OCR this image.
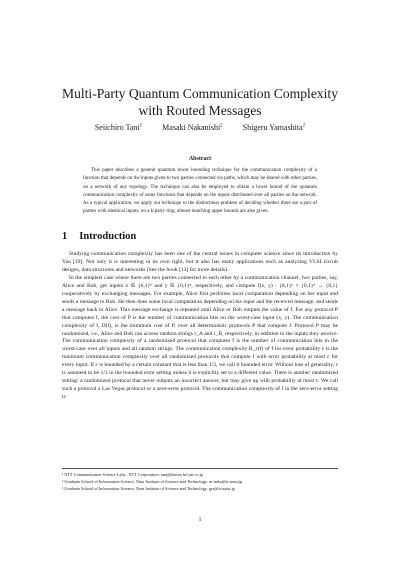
Multi-Party Quantum Communication Complexity
with Routed Messages
Seiichiro Tani$^1$	Masaki Nakanishi$^2$	Shigeru Yamashita$^2$
Abstract
This paper describes a general quantum lower bounding technique for the communication complexity of a function that depends on the inputs given to two parties connected via paths, which may be shared with other parties, on a network of any topology. The technique can also be employed to obtain a lower bound of the quantum communication complexity of some functions that depends on the inputs distributed over all parties on the network. As a typical application, we apply our technique to the distinctness problem of deciding whether there are a pair of parties with identical inputs, on a k-party ring; almost matching upper bounds are also given.
1 Introduction

Studying communication complexity has been one of the central issues in computer science since its introduction by Yao [19]. Not only it is interesting in its own right, but it also has many applications such as analyzing VLSI circuit designs, data structures and networks (See the book [13] for more details).

In the simplest case where there are two parties connected to each other by a communication channel, two parties, say, Alice and Bob, get inputs x ∈ {0,1}ⁿ and y ∈ {0,1}ⁿ, respectively, and compute f(x, y) : {0,1}ⁿ × {0,1}ⁿ → {0,1} cooperatively by exchanging messages. For example, Alice first performs local computation depending on her input and sends a message to Bob. He then does some local computation depending on his input and the received message, and sends a message back to Alice. This message exchange is repeated until Alice or Bob outputs the value of f. For any protocol P that computes f, the cost of P is the number of communication bits on the worst-case input (x, y). The communication complexity of f, D(f), is the minimum cost of P, over all deterministic protocols P that compute f. Protocol P may be randomized, i.e., Alice and Bob can access random strings r_A and r_B, respectively, in addition to the inputs they receive. The communication complexity of a randomized protocol that computes f is the number of communication bits in the worst-case over all inputs and all random strings. The communication complexity R_ε(f) of f for error probability ε is the minimum communication complexity over all randomized protocols that compute f with error probability at most ε for every input. If ε is bounded by a certain constant that is less than 1/2, we call it bounded error. Without loss of generality, ε is assumed to be 1/3 in the bounded error setting unless it is explicitly set to a different value. There is another randomized setting: a randomized protocol that never outputs an incorrect answer, but may give up with probability at most ε. We call such a protocol a Las Vegas protocol or a zero-error protocol. The communication complexity of f in the zero-error setting is

¹ NTT Communication Science Labs., NTT Corporation. tani@theory.brl.ntt.co.jp
² Graduate School of Information Science, Nara Institute of Science and Technology. m-naka@is.naist.jp
³ Graduate School of Information Science, Nara Institute of Science and Technology. ger@is.naist.jp
1
